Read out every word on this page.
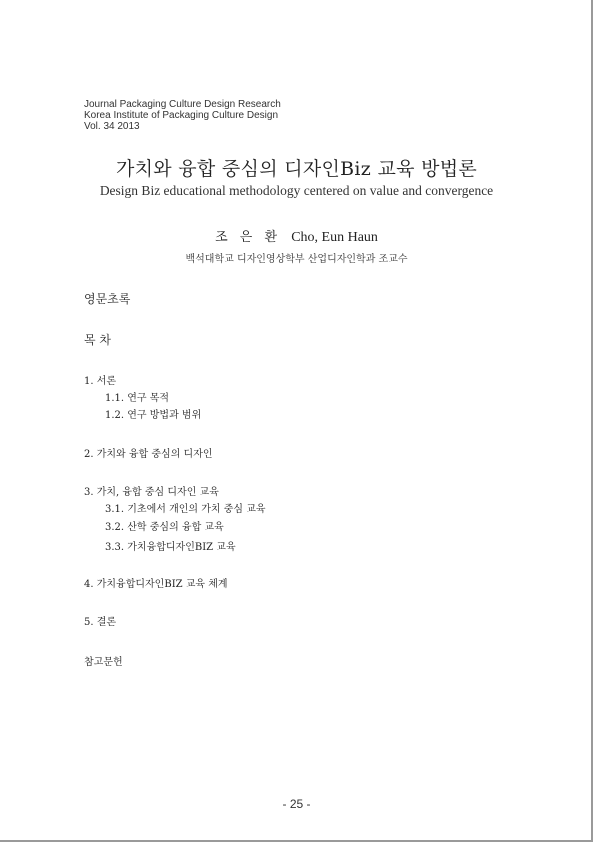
Journal Packaging Culture Design Research
Korea Institute of Packaging Culture Design
Vol. 34 2013
가치와 융합 중심의 디자인Biz 교육 방법론
Design Biz educational methodology centered on value and convergence
조 은 환 Cho, Eun Haun
백석대학교 디자인영상학부 산업디자인학과 조교수
영문초록
목 차
1. 서론
1.1. 연구 목적
1.2. 연구 방법과 범위
2. 가치와 융합 중심의 디자인
3. 가치, 융합 중심 디자인 교육
3.1. 기초에서 개인의 가치 중심 교육
3.2. 산학 중심의 융합 교육
3.3. 가치융합디자인BIZ 교육
4. 가치융합디자인BIZ 교육 체계
5. 결론
참고문헌
- 25 -
